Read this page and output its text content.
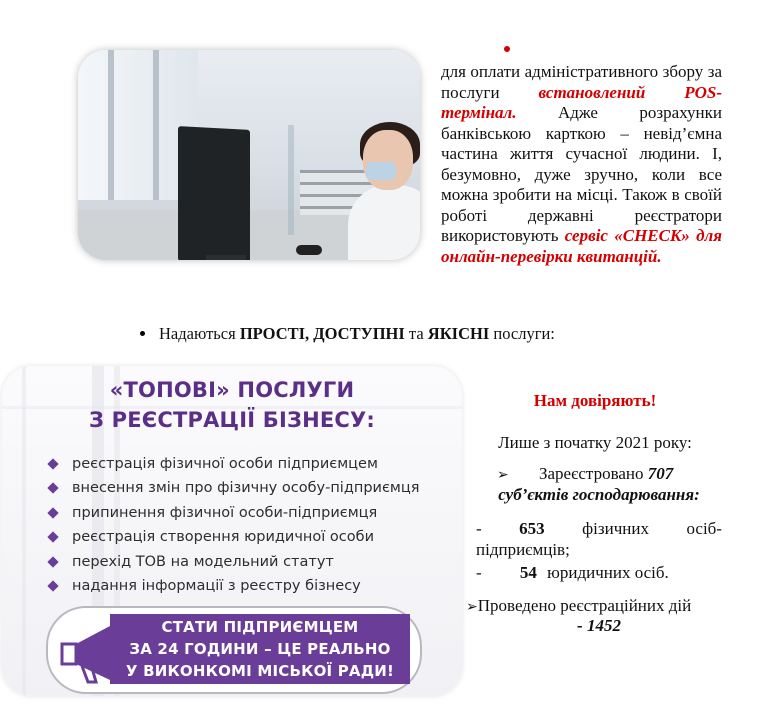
для оплати адміністративного збору за послуги встановлений POS-термінал. Адже розрахунки банківською карткою – невід’ємна частина життя сучасної людини. І, безумовно, дуже зручно, коли все можна зробити на місці. Також в своїй роботі державні реєстратори використовують сервіс «CHECK» для онлайн-перевірки квитанцій.
Надаються ПРОСТІ, ДОСТУПНІ та ЯКІСНІ послуги:
«ТОПОВІ» ПОСЛУГИ
З РЕЄСТРАЦІЇ БІЗНЕСУ:
реєстрація фізичної особи підприємцем
внесення змін про фізичну особу-підприємця
припинення фізичної особи-підприємця
реєстрація створення юридичної особи
перехід ТОВ на модельний статут
надання інформації з реєстру бізнесу
СТАТИ ПІДПРИЄМЦЕМ
ЗА 24 ГОДИНИ – ЦЕ РЕАЛЬНО
У ВИКОНКОМІ МІСЬКОЇ РАДИ!
Нам довіряють!
Лише з початку 2021 року:
➢ Зареєстровано 707
суб’єктів господарювання:
- 653 фізичних осіб-
підприємців;
- 54 юридичних осіб.
➢Проведено реєстраційних дій
- 1452
